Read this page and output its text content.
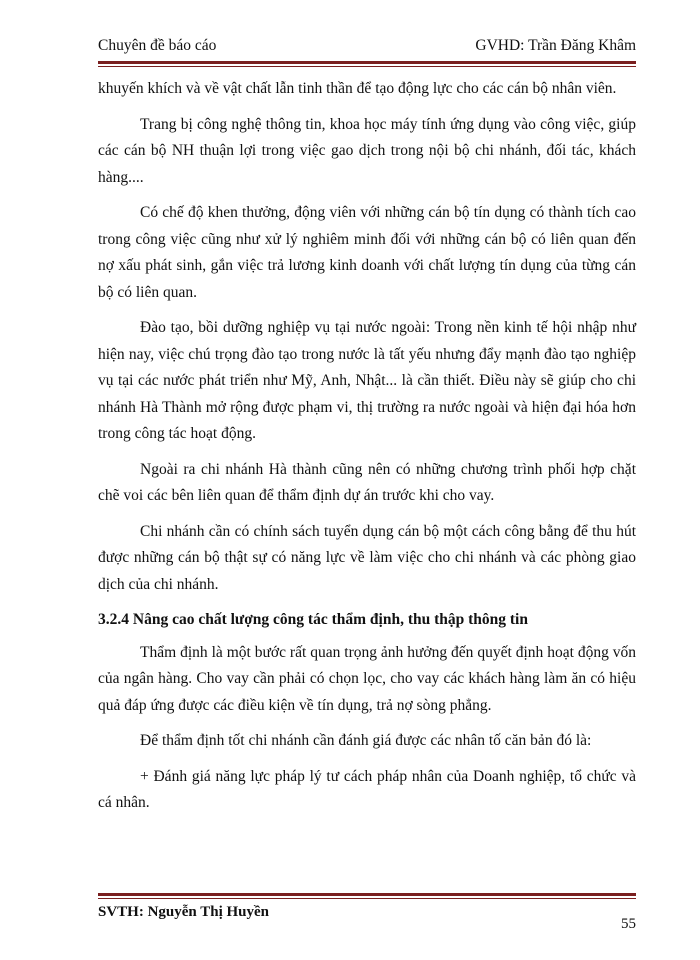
Chuyên đề báo cáo	GVHD: Trần Đăng Khâm

khuyến khích và về vật chất lẫn tinh thần để tạo động lực cho các cán bộ nhân viên.

Trang bị công nghệ thông tin, khoa học máy tính ứng dụng vào công việc, giúp các cán bộ NH thuận lợi trong việc gao dịch trong nội bộ chi nhánh, đối tác, khách hàng....

Có chế độ khen thưởng, động viên với những cán bộ tín dụng có thành tích cao trong công việc cũng như xử lý nghiêm minh đối với những cán bộ có liên quan đến nợ xấu phát sinh, gắn việc trả lương kinh doanh với chất lượng tín dụng của từng cán bộ có liên quan.

Đào tạo, bồi dưỡng nghiệp vụ tại nước ngoài: Trong nền kinh tế hội nhập như hiện nay, việc chú trọng đào tạo trong nước là tất yếu nhưng đẩy mạnh đào tạo nghiệp vụ tại các nước phát triển như Mỹ, Anh, Nhật... là cần thiết. Điều này sẽ giúp cho chi nhánh Hà Thành mở rộng được phạm vi, thị trường ra nước ngoài và hiện đại hóa hơn trong công tác hoạt động.

Ngoài ra chi nhánh Hà thành cũng nên có những chương trình phối hợp chặt chẽ voi các bên liên quan để thẩm định dự án trước khi cho vay.

Chi nhánh cần có chính sách tuyển dụng cán bộ một cách công bằng để thu hút được những cán bộ thật sự có năng lực về làm việc cho chi nhánh và các phòng giao dịch của chi nhánh.

3.2.4 Nâng cao chất lượng công tác thẩm định, thu thập thông tin

Thẩm định là một bước rất quan trọng ảnh hưởng đến quyết định hoạt động vốn của ngân hàng. Cho vay cần phải có chọn lọc, cho vay các khách hàng làm ăn có hiệu quả đáp ứng được các điều kiện về tín dụng, trả nợ sòng phẳng.

Để thẩm định tốt chi nhánh cần đánh giá được các nhân tố căn bản đó là:

+ Đánh giá năng lực pháp lý tư cách pháp nhân của Doanh nghiệp, tổ chức và cá nhân.

SVTH: Nguyễn Thị Huyền
55
